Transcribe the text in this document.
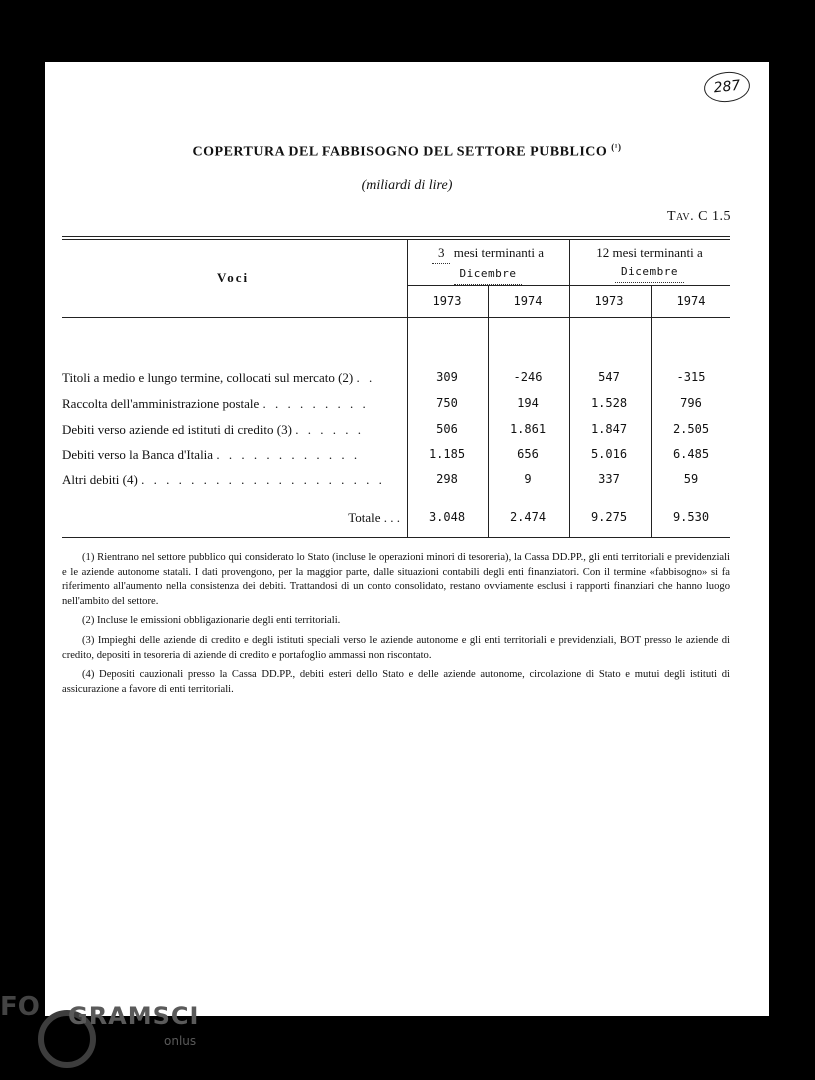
287
COPERTURA DEL FABBISOGNO DEL SETTORE PUBBLICO $^{(^1)}$
(miliardi di lire)
Tav. C 1.5
Voci
3 mesi terminanti a
Dicembre
12 mesi terminanti a
Dicembre
1973	1974	1973	1974
Titoli a medio e lungo termine, collocati sul mercato (2) . .	309	-246	547	-315
Raccolta dell'amministrazione postale . . . . . . . . .	750	194	1.528	796
Debiti verso aziende ed istituti di credito (3) . . . . . .	506	1.861	1.847	2.505
Debiti verso la Banca d'Italia . . . . . . . . . . . .	1.185	656	5.016	6.485
Altri debiti (4) . . . . . . . . . . . . . . . . . . . .	298	9	337	59
Totale . . .	3.048	2.474	9.275	9.530

(1) Rientrano nel settore pubblico qui considerato lo Stato (incluse le operazioni minori di tesoreria), la Cassa DD.PP., gli enti territoriali e previdenziali e le aziende autonome statali. I dati provengono, per la maggior parte, dalle situazioni contabili degli enti finanziatori. Con il termine «fabbisogno» si fa riferimento all'aumento nella consistenza dei debiti. Trattandosi di un conto consolidato, restano ovviamente esclusi i rapporti finanziari che hanno luogo nell'ambito del settore.

(2) Incluse le emissioni obbligazionarie degli enti territoriali.

(3) Impieghi delle aziende di credito e degli istituti speciali verso le aziende autonome e gli enti territoriali e previdenziali, BOT presso le aziende di credito, depositi in tesoreria di aziende di credito e portafoglio ammassi non riscontato.

(4) Depositi cauzionali presso la Cassa DD.PP., debiti esteri dello Stato e delle aziende autonome, circolazione di Stato e mutui degli istituti di assicurazione a favore di enti territoriali.

FO GRAMSCI
onlus
